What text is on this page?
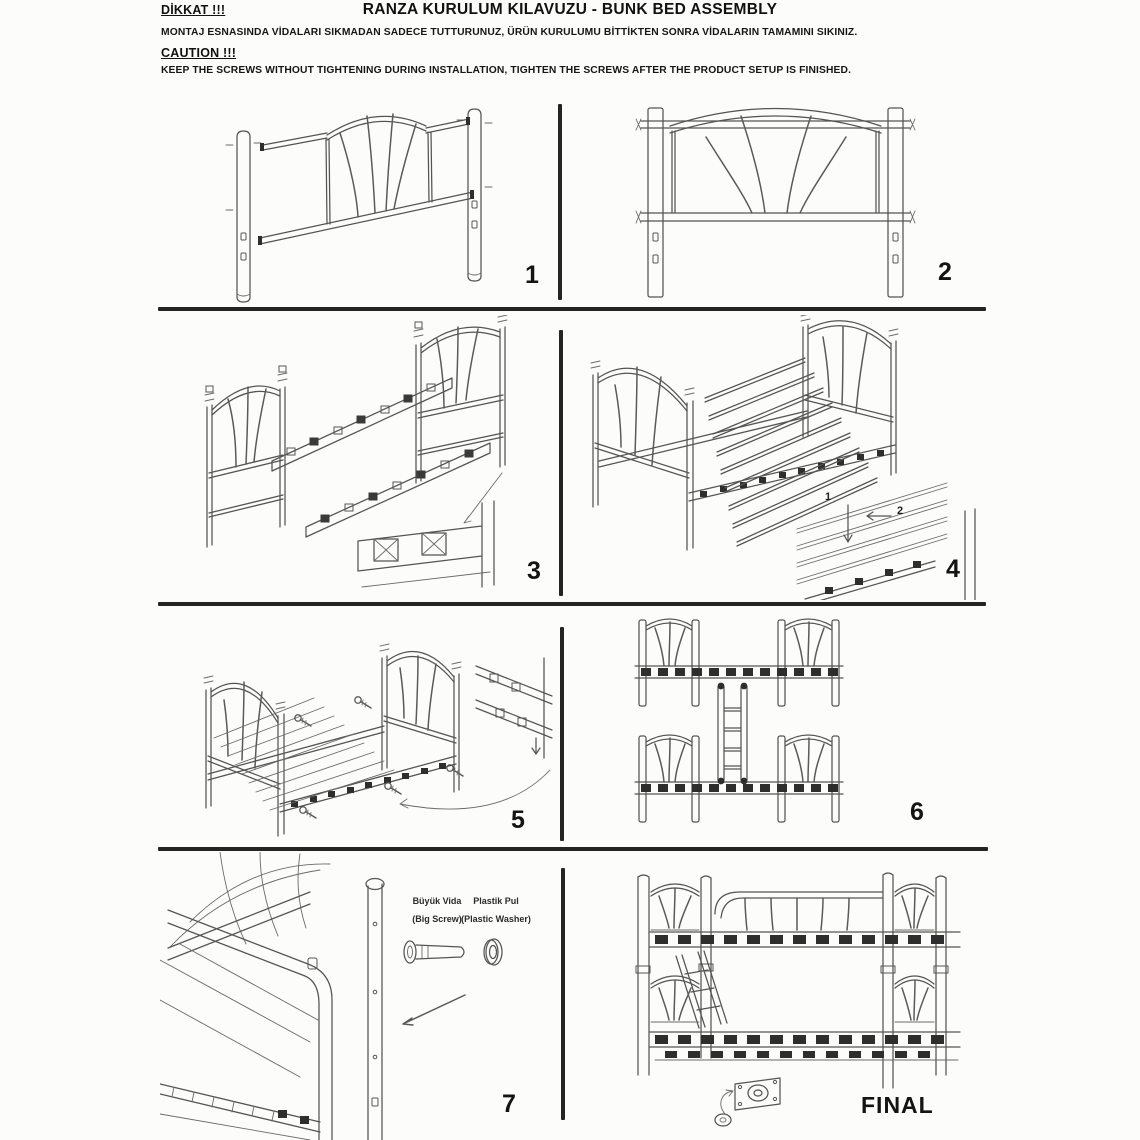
DİKKAT !!!	RANZA KURULUM KILAVUZU - BUNK BED ASSEMBLY
MONTAJ ESNASINDA VİDALARI SIKMADAN SADECE TUTTURUNUZ, ÜRÜN KURULUMU BİTTİKTEN SONRA VİDALARIN TAMAMINI SIKINIZ.
CAUTION !!!
KEEP THE SCREWS WITHOUT TIGHTENING DURING INSTALLATION, TIGHTEN THE SCREWS AFTER THE PRODUCT SETUP IS FINISHED.
1	2
3
1
2
4
5	6
Büyük Vida
(Big Screw)
Plastik Pul
(Plastic Washer)
7	FINAL
